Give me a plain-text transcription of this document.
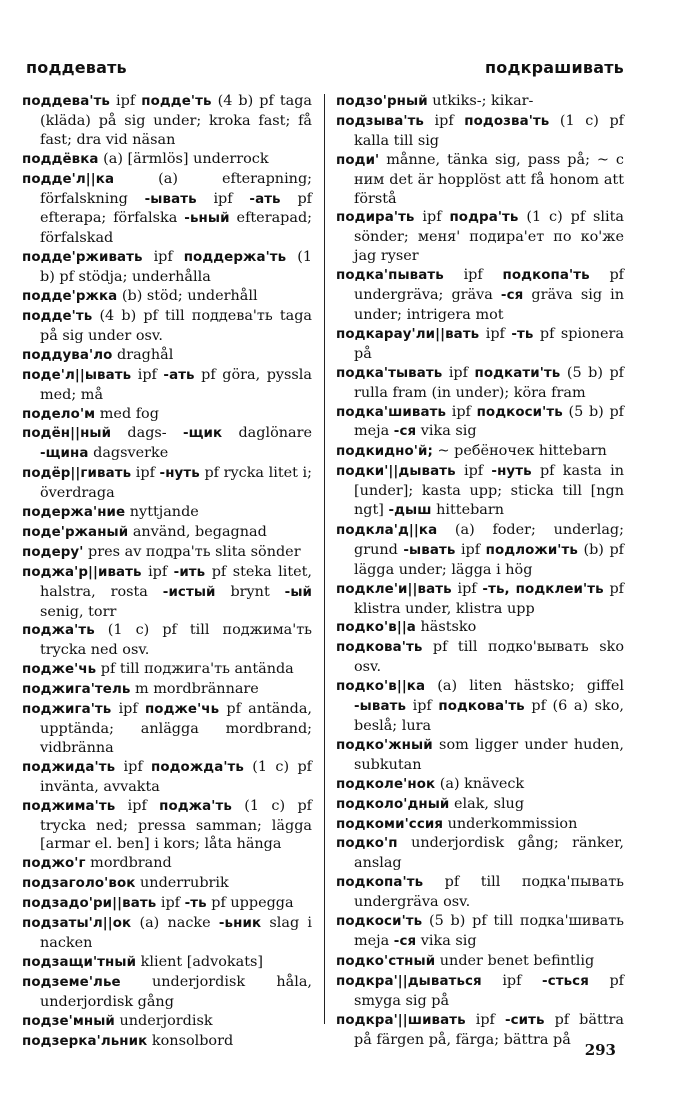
поддевать	подкрашивать

поддева'ть ipf подде'ть (4 b) pf taga (kläda) på sig under; kroka fast; få fast; dra vid näsan

поддёвка (a) [ärmlös] underrock

подде'л||ка (a) efterapning; förfalskning -ывать ipf -ать pf efterapa; förfalska -ьный efterapad; förfalskad

подде'рживать ipf поддержа'ть (1 b) pf stödja; underhålla

подде'ржка (b) stöd; underhåll

подде'ть (4 b) pf till поддева'ть taga på sig under osv.

поддува'ло draghål

поде'л||ывать ipf -ать pf göra, pyssla med; må

подело'м med fog

подён||ный dags- -щик daglönare -щина dagsverke

подёр||гивать ipf -нуть pf rycka litet i; överdraga

подержа'ние nyttjande

поде'ржаный använd, begagnad

подеру' pres av подра'ть slita sönder

поджа'р||ивать ipf -ить pf steka litet, halstra, rosta -истый brynt -ый senig, torr

поджа'ть (1 c) pf till поджима'ть trycka ned osv.

подже'чь pf till поджига'ть antända

поджига'тель m mordbrännare

поджига'ть ipf подже'чь pf antända, upptända; anlägga mordbrand; vidbränna

поджида'ть ipf подожда'ть (1 c) pf invänta, avvakta

поджима'ть ipf поджа'ть (1 c) pf trycka ned; pressa samman; lägga [armar el. ben] i kors; låta hänga

поджо'г mordbrand

подзаголо'вок underrubrik

подзадо'ри||вать ipf -ть pf uppegga

подзаты'л||ок (a) nacke -ьник slag i nacken

подзащи'тный klient [advokats]

подземе'лье underjordisk håla, underjordisk gång

подзе'мный underjordisk

подзерка'льник konsolbord

подзо'рный utkiks-; kikar-

подзыва'ть ipf подозва'ть (1 c) pf kalla till sig

поди' månne, tänka sig, pass på; ~ с ним det är hopplöst att få honom att förstå

подира'ть ipf подра'ть (1 c) pf slita sönder; меня' подира'ет по ко'же jag ryser

подка'пывать ipf подкопа'ть pf undergräva; gräva -ся gräva sig in under; intrigera mot

подкарау'ли||вать ipf -ть pf spionera på

подка'тывать ipf подкати'ть (5 b) pf rulla fram (in under); köra fram

подка'шивать ipf подкоси'ть (5 b) pf meja -ся vika sig

подкидно'й; ~ ребёночек hittebarn

подки'||дывать ipf -нуть pf kasta in [under]; kasta upp; sticka till [ngn ngt] -дыш hittebarn

подкла'д||ка (a) foder; underlag; grund -ывать ipf подложи'ть (b) pf lägga under; lägga i hög

подкле'и||вать ipf -ть, подклеи'ть pf klistra under, klistra upp

подко'в||а hästsko

подкова'ть pf till подко'вывать sko osv.

подко'в||ка (a) liten hästsko; giffel -ывать ipf подкова'ть pf (6 a) sko, beslå; lura

подко'жный som ligger under huden, subkutan

подколе'нок (a) knäveck

подколо'дный elak, slug

подкоми'ссия underkommission

подко'п underjordisk gång; ränker, anslag

подкопа'ть pf till подка'пывать undergräva osv.

подкоси'ть (5 b) pf till подка'шивать meja -ся vika sig

подко'стный under benet befintlig

подкра'||дываться ipf -сться pf smyga sig på

подкра'||шивать ipf -сить pf bättra på färgen på, färga; bättra på

293
